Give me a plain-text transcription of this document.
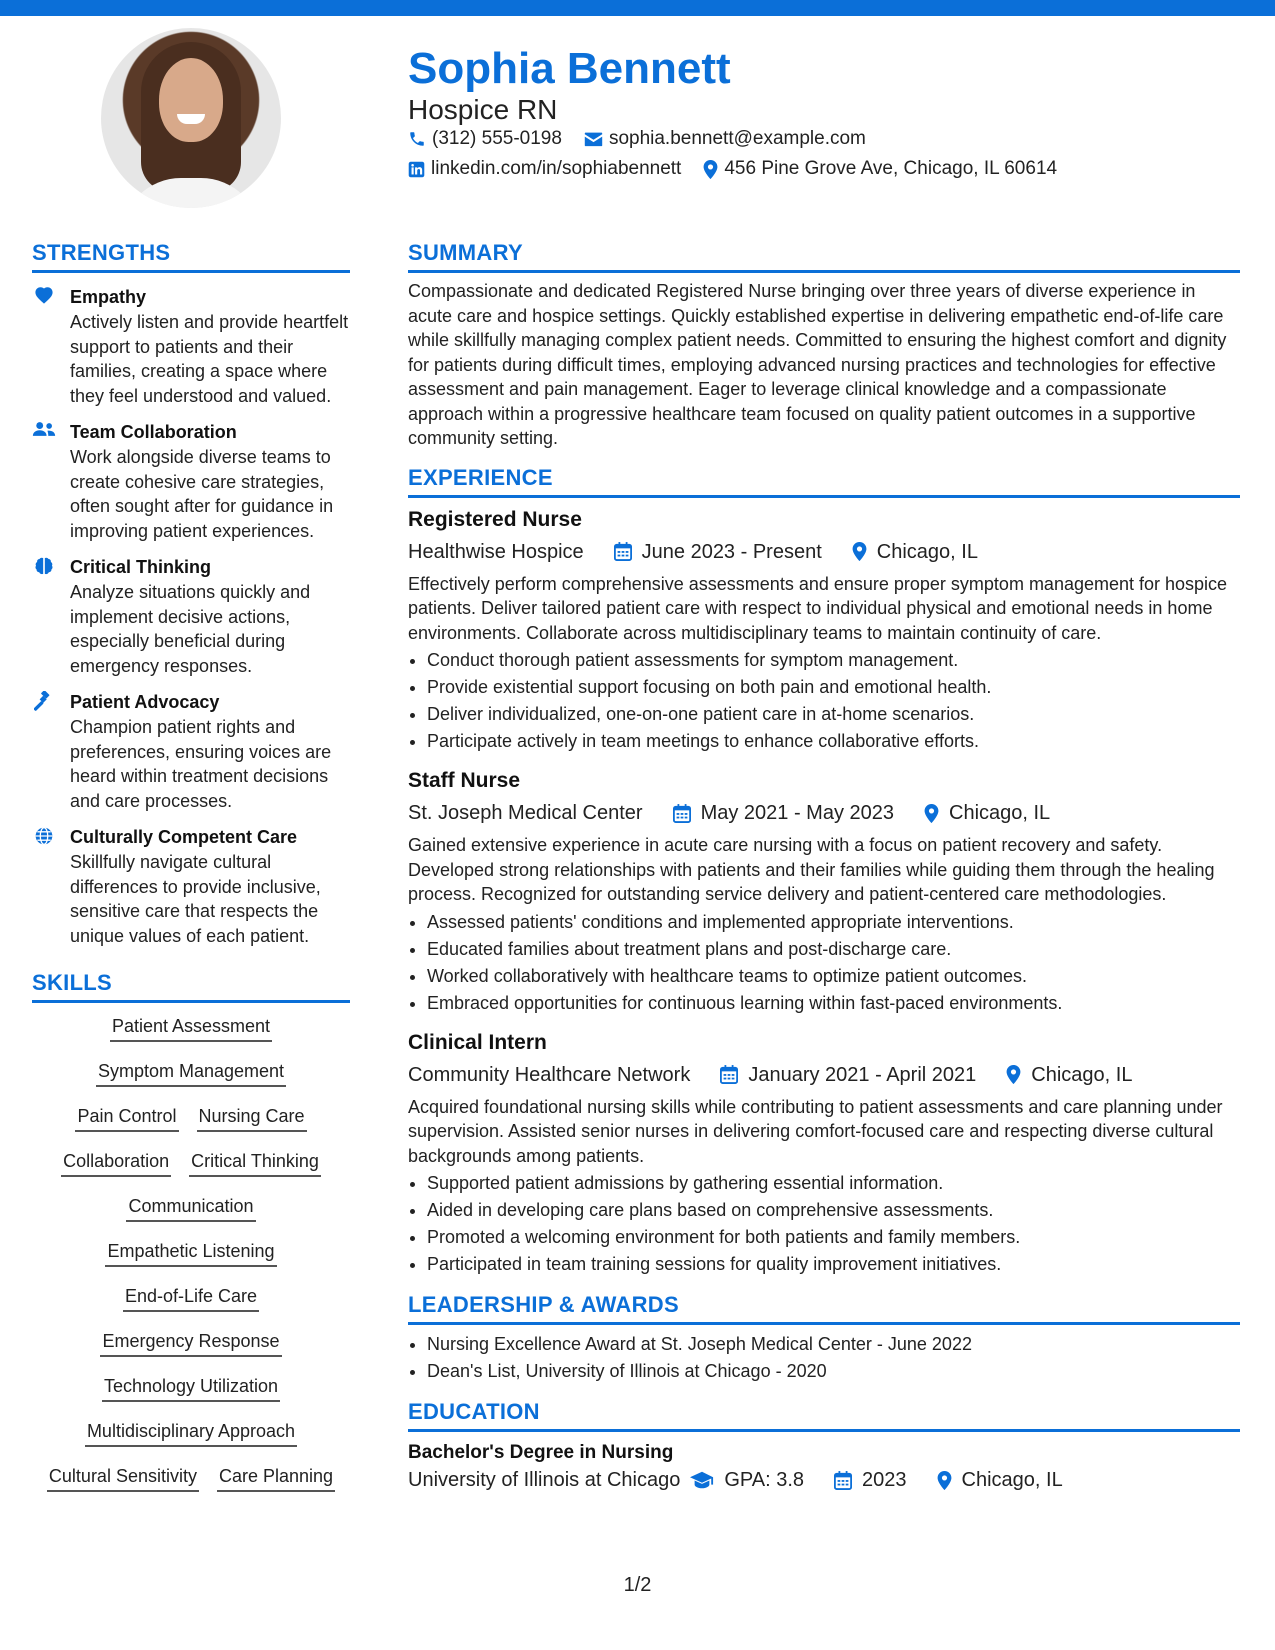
Sophia Bennett
Hospice RN
(312) 555-0198 sophia.bennett@example.com
linkedin.com/in/sophiabennett 456 Pine Grove Ave, Chicago, IL 60614
STRENGTHS
Empathy
Actively listen and provide heartfelt support to patients and their families, creating a space where they feel understood and valued.
Team Collaboration
Work alongside diverse teams to create cohesive care strategies, often sought after for guidance in improving patient experiences.
Critical Thinking
Analyze situations quickly and implement decisive actions, especially beneficial during emergency responses.
Patient Advocacy
Champion patient rights and preferences, ensuring voices are heard within treatment decisions and care processes.
Culturally Competent Care
Skillfully navigate cultural differences to provide inclusive, sensitive care that respects the unique values of each patient.
SKILLS
Patient Assessment
Symptom Management
Pain Control Nursing Care
Collaboration Critical Thinking
Communication
Empathetic Listening
End-of-Life Care
Emergency Response
Technology Utilization
Multidisciplinary Approach
Cultural Sensitivity Care Planning
SUMMARY

Compassionate and dedicated Registered Nurse bringing over three years of diverse experience in acute care and hospice settings. Quickly established expertise in delivering empathetic end-of-life care while skillfully managing complex patient needs. Committed to ensuring the highest comfort and dignity for patients during difficult times, employing advanced nursing practices and technologies for effective assessment and pain management. Eager to leverage clinical knowledge and a compassionate approach within a progressive healthcare team focused on quality patient outcomes in a supportive community setting.

EXPERIENCE
Registered Nurse
Healthwise Hospice	June 2023 - Present	Chicago, IL

Effectively perform comprehensive assessments and ensure proper symptom management for hospice patients. Deliver tailored patient care with respect to individual physical and emotional needs in home environments. Collaborate across multidisciplinary teams to maintain continuity of care.

• Conduct thorough patient assessments for symptom management.
• Provide existential support focusing on both pain and emotional health.
• Deliver individualized, one-on-one patient care in at-home scenarios.
• Participate actively in team meetings to enhance collaborative efforts.
Staff Nurse
St. Joseph Medical Center	May 2021 - May 2023	Chicago, IL

Gained extensive experience in acute care nursing with a focus on patient recovery and safety. Developed strong relationships with patients and their families while guiding them through the healing process. Recognized for outstanding service delivery and patient-centered care methodologies.

• Assessed patients' conditions and implemented appropriate interventions.
• Educated families about treatment plans and post-discharge care.
• Worked collaboratively with healthcare teams to optimize patient outcomes.
• Embraced opportunities for continuous learning within fast-paced environments.
Clinical Intern
Community Healthcare Network	January 2021 - April 2021	Chicago, IL

Acquired foundational nursing skills while contributing to patient assessments and care planning under supervision. Assisted senior nurses in delivering comfort-focused care and respecting diverse cultural backgrounds among patients.

• Supported patient admissions by gathering essential information.
• Aided in developing care plans based on comprehensive assessments.
• Promoted a welcoming environment for both patients and family members.
• Participated in team training sessions for quality improvement initiatives.
LEADERSHIP & AWARDS
• Nursing Excellence Award at St. Joseph Medical Center - June 2022
• Dean's List, University of Illinois at Chicago - 2020
EDUCATION
Bachelor's Degree in Nursing
University of Illinois at Chicago GPA: 3.8	2023	Chicago, IL
1/2
